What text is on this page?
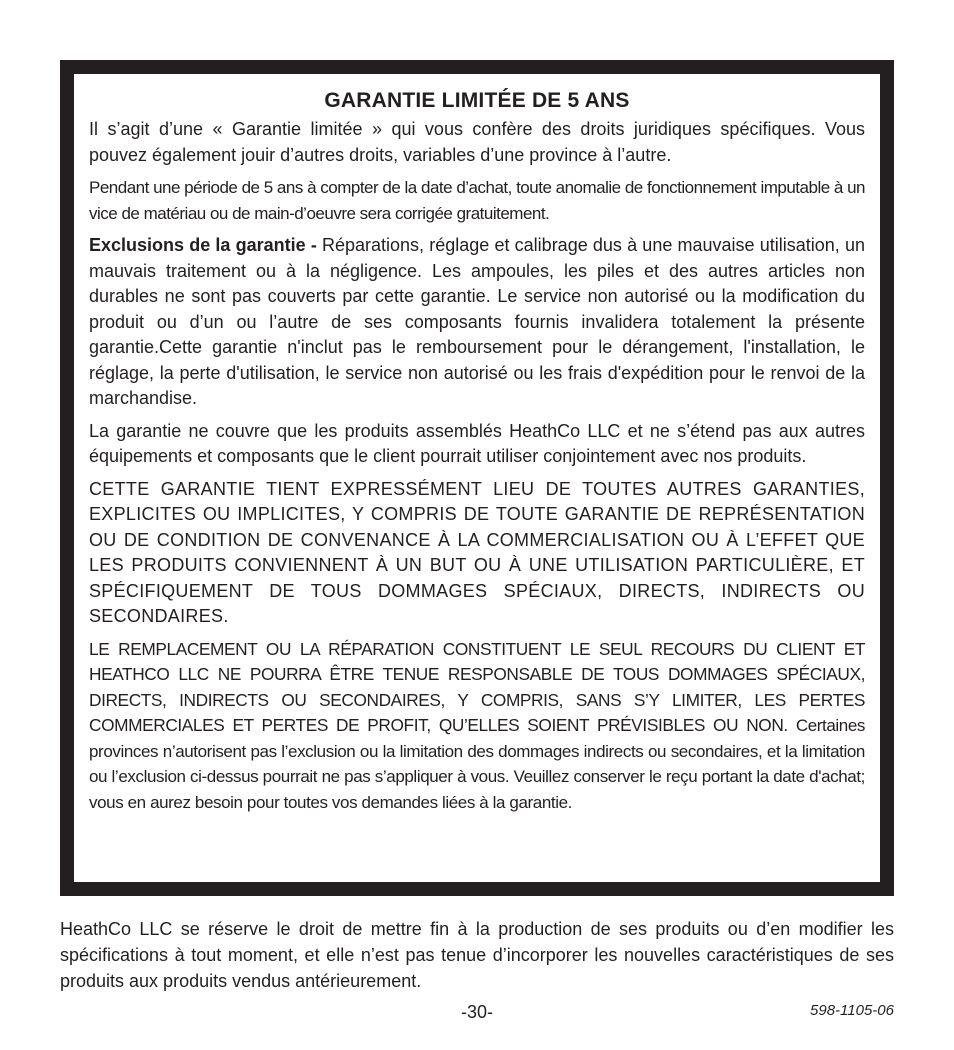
GARANTIE LIMITÉE DE 5 ANS

Il s’agit d’une « Garantie limitée » qui vous confère des droits juridiques spécifiques. Vous pouvez également jouir d’autres droits, variables d’une province à l’autre.

Pendant une période de 5 ans à compter de la date d’achat, toute anomalie de fonctionnement imputable à un vice de matériau ou de main-d’oeuvre sera corrigée gratuitement.

Exclusions de la garantie - Réparations, réglage et calibrage dus à une mauvaise utilisation, un mauvais traitement ou à la négligence. Les ampoules, les piles et des autres articles non durables ne sont pas couverts par cette garantie. Le service non autorisé ou la modification du produit ou d’un ou l’autre de ses composants fournis invalidera totalement la présente garantie.Cette garantie n'inclut pas le remboursement pour le dérangement, l'installation, le réglage, la perte d'utilisation, le service non autorisé ou les frais d'expédition pour le renvoi de la marchandise.

La garantie ne couvre que les produits assemblés HeathCo LLC et ne s’étend pas aux autres équipements et composants que le client pourrait utiliser conjointement avec nos produits.

CETTE GARANTIE TIENT EXPRESSÉMENT LIEU DE TOUTES AUTRES GARANTIES, EXPLICITES OU IMPLICITES, Y COMPRIS DE TOUTE GARANTIE DE REPRÉSENTATION OU DE CONDITION DE CONVENANCE À LA COMMERCIALISATION OU À L’EFFET QUE LES PRODUITS CONVIENNENT À UN BUT OU À UNE UTILISATION PARTICULIÈRE, ET SPÉCIFIQUEMENT DE TOUS DOMMAGES SPÉCIAUX, DIRECTS, INDIRECTS OU SECONDAIRES.

LE REMPLACEMENT OU LA RÉPARATION CONSTITUENT LE SEUL RECOURS DU CLIENT ET HEATHCO LLC NE POURRA ÊTRE TENUE RESPONSABLE DE TOUS DOMMAGES SPÉCIAUX, DIRECTS, INDIRECTS OU SECONDAIRES, Y COMPRIS, SANS S’Y LIMITER, LES PERTES COMMERCIALES ET PERTES DE PROFIT, QU’ELLES SOIENT PRÉVISIBLES OU NON. Certaines provinces n’autorisent pas l’exclusion ou la limitation des dommages indirects ou secondaires, et la limitation ou l’exclusion ci-dessus pourrait ne pas s’appliquer à vous. Veuillez conserver le reçu portant la date d'achat; vous en aurez besoin pour toutes vos demandes liées à la garantie.

HeathCo LLC se réserve le droit de mettre fin à la production de ses produits ou d’en modifier les spécifications à tout moment, et elle n’est pas tenue d’incorporer les nouvelles caractéristiques de ses produits aux produits vendus antérieurement.

-30-	598-1105-06
